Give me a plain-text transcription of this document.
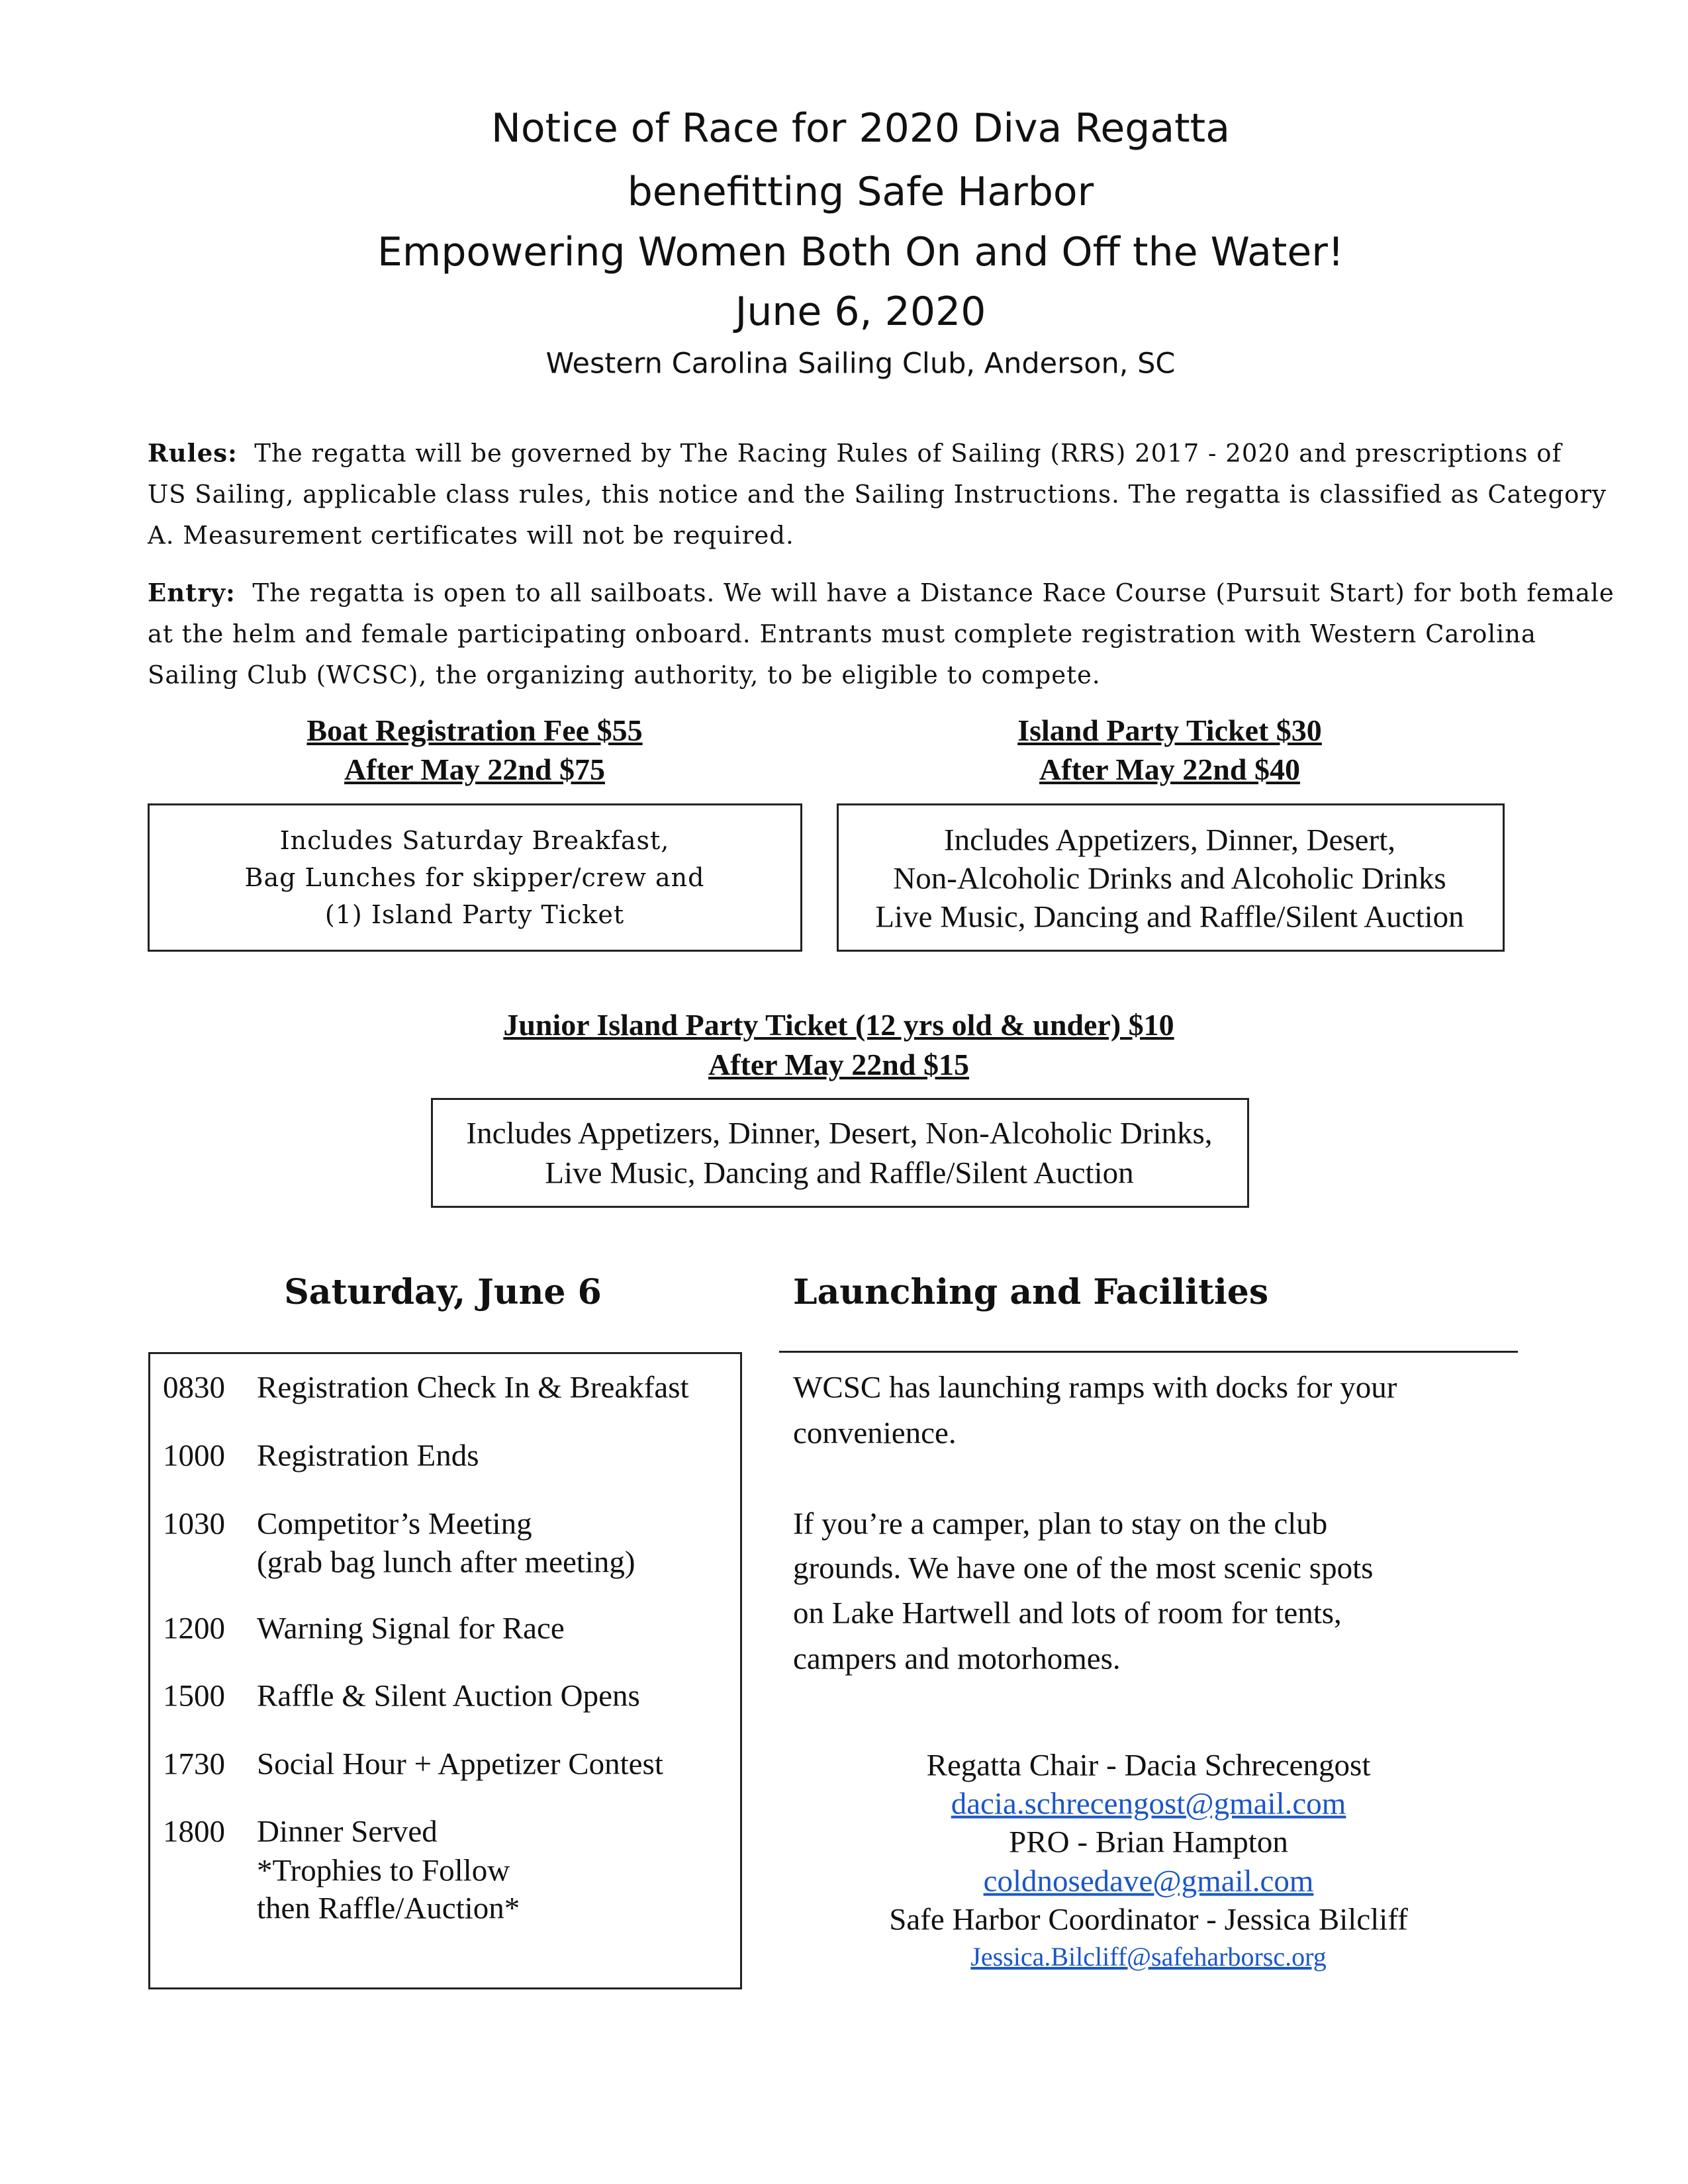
Notice of Race for 2020 Diva Regatta
benefitting Safe Harbor
Empowering Women Both On and Off the Water!
June 6, 2020
Western Carolina Sailing Club, Anderson, SC
Rules: The regatta will be governed by The Racing Rules of Sailing (RRS) 2017 - 2020 and prescriptions of
US Sailing, applicable class rules, this notice and the Sailing Instructions. The regatta is classified as Category
A. Measurement certificates will not be required.
Entry: The regatta is open to all sailboats. We will have a Distance Race Course (Pursuit Start) for both female
at the helm and female participating onboard. Entrants must complete registration with Western Carolina
Sailing Club (WCSC), the organizing authority, to be eligible to compete.
Boat Registration Fee $55
After May 22nd $75
Island Party Ticket $30
After May 22nd $40
Includes Saturday Breakfast,
Bag Lunches for skipper/crew and
(1) Island Party Ticket
Includes Appetizers, Dinner, Desert,
Non-Alcoholic Drinks and Alcoholic Drinks
Live Music, Dancing and Raffle/Silent Auction
Junior Island Party Ticket (12 yrs old & under) $10
After May 22nd $15
Includes Appetizers, Dinner, Desert, Non-Alcoholic Drinks,
Live Music, Dancing and Raffle/Silent Auction
Saturday, June 6	Launching and Facilities
0830 Registration Check In & Breakfast
1000 Registration Ends
1030 Competitor’s Meeting
(grab bag lunch after meeting)
1200 Warning Signal for Race
1500 Raffle & Silent Auction Opens
1730 Social Hour + Appetizer Contest
1800 Dinner Served
*Trophies to Follow
then Raffle/Auction*
WCSC has launching ramps with docks for your
convenience.
If you’re a camper, plan to stay on the club
grounds. We have one of the most scenic spots
on Lake Hartwell and lots of room for tents,
campers and motorhomes.
Regatta Chair - Dacia Schrecengost
dacia.schrecengost@gmail.com
PRO - Brian Hampton
coldnosedave@gmail.com
Safe Harbor Coordinator - Jessica Bilcliff
Jessica.Bilcliff@safeharborsc.org
